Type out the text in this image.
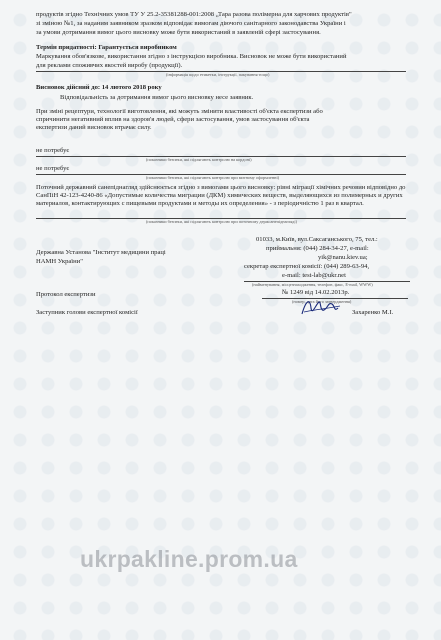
продуктів згідно Технічних умов ТУ У 25.2-35381288-001:2008 „Тара разова полімерна для харчових продуктів"
зі зміною №1, за наданим заявником зразком відповідає вимогам діючого санітарного законодавства України і
за умови дотримання вимог цього висновку може бути використаний в заявленій сфері застосування.
Термін придатності: Гарантується виробником
Маркування обов'язкове, використання згідно з інструкцією виробника. Висновок не може бути використаний
для реклами споживчих якостей виробу (продукції).
(інформація щодо етикетки, інструкції, пакування тощо)
Висновок дійсний до: 14 лютого 2018 року
Відповідальність за дотримання вимог цього висновку несе заявник.
При зміні рецептури, технології виготовлення, які можуть змінити властивості об'єкта експертизи або спричинити негативний вплив на здоров'я людей, сфери застосування, умов застосування об'єкта експертизи даний висновок втрачає силу.
не потребує
(показники безпеки, які підлягають контролю на кордоні)
не потребує
(показники безпеки, які підлягають контролю при митному оформленні)
Поточний державний санепіднагляд здійснюється згідно з вимогами цього висновку: рівні міграції хімічних речовин відповідно до СанПіН 42-123-4240-86 «Допустимые количества миграции (ДКМ) химических веществ, выделяющихся из полимерных и других материалов, контактирующих с пищевыми продуктами и методы их определения» - з періодичністю 1 раз в квартал.
(показники безпеки, які підлягають контролю при поточному держсанепіднагляді)
01033, м.Київ, вул.Саксаганського, 75, тел.:
приймальня: (044) 284-34-27, e-mail:
Державна Установа "Інститут медицини праці
yik@nanu.kiev.ua;
НАМН України"
секретар експертної комісії: (044) 289-63-94,
e-mail: test-lab@ukr.net
(найменування, місцезнаходження, телефон, факс, E-mail, WWW)
Протокол експертизи	№ 1249 від 14.02.2013р.
(номер, дата його затвердження)
Заступник голови експертної комісії	Захаренко М.І.
ukrpakline.prom.ua
